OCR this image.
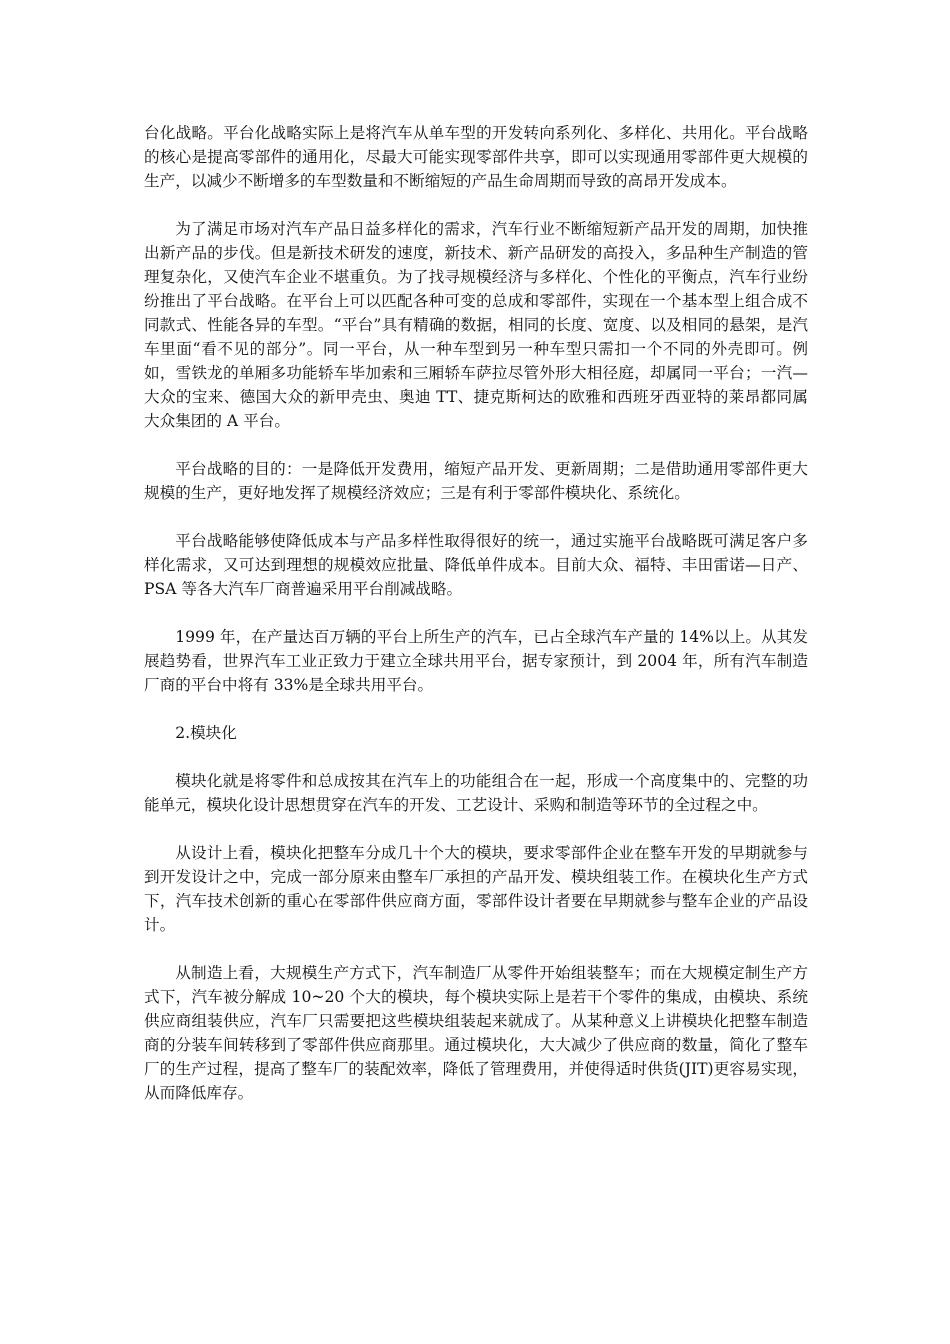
台化战略。平台化战略实际上是将汽车从单车型的开发转向系列化、多样化、共用化。平台战略的核心是提高零部件的通用化，尽最大可能实现零部件共享，即可以实现通用零部件更大规模的生产，以减少不断增多的车型数量和不断缩短的产品生命周期而导致的高昂开发成本。

为了满足市场对汽车产品日益多样化的需求，汽车行业不断缩短新产品开发的周期，加快推出新产品的步伐。但是新技术研发的速度，新技术、新产品研发的高投入，多品种生产制造的管理复杂化，又使汽车企业不堪重负。为了找寻规模经济与多样化、个性化的平衡点，汽车行业纷纷推出了平台战略。在平台上可以匹配各种可变的总成和零部件，实现在一个基本型上组合成不同款式、性能各异的车型。“平台”具有精确的数据，相同的长度、宽度、以及相同的悬架，是汽车里面“看不见的部分”。同一平台，从一种车型到另一种车型只需扣一个不同的外壳即可。例如，雪铁龙的单厢多功能轿车毕加索和三厢轿车萨拉尽管外形大相径庭，却属同一平台；一汽—大众的宝来、德国大众的新甲壳虫、奥迪 TT、捷克斯柯达的欧雅和西班牙西亚特的莱昂都同属大众集团的 A 平台。

平台战略的目的：一是降低开发费用，缩短产品开发、更新周期；二是借助通用零部件更大规模的生产，更好地发挥了规模经济效应；三是有利于零部件模块化、系统化。

平台战略能够使降低成本与产品多样性取得很好的统一，通过实施平台战略既可满足客户多样化需求，又可达到理想的规模效应批量、降低单件成本。目前大众、福特、丰田雷诺—日产、PSA 等各大汽车厂商普遍采用平台削减战略。

1999 年，在产量达百万辆的平台上所生产的汽车，已占全球汽车产量的 14%以上。从其发展趋势看，世界汽车工业正致力于建立全球共用平台，据专家预计，到 2004 年，所有汽车制造厂商的平台中将有 33%是全球共用平台。

2.模块化

模块化就是将零件和总成按其在汽车上的功能组合在一起，形成一个高度集中的、完整的功能单元，模块化设计思想贯穿在汽车的开发、工艺设计、采购和制造等环节的全过程之中。

从设计上看，模块化把整车分成几十个大的模块，要求零部件企业在整车开发的早期就参与到开发设计之中，完成一部分原来由整车厂承担的产品开发、模块组装工作。在模块化生产方式下，汽车技术创新的重心在零部件供应商方面，零部件设计者要在早期就参与整车企业的产品设计。

从制造上看，大规模生产方式下，汽车制造厂从零件开始组装整车；而在大规模定制生产方式下，汽车被分解成 10~20 个大的模块，每个模块实际上是若干个零件的集成，由模块、系统供应商组装供应，汽车厂只需要把这些模块组装起来就成了。从某种意义上讲模块化把整车制造商的分装车间转移到了零部件供应商那里。通过模块化，大大减少了供应商的数量，简化了整车厂的生产过程，提高了整车厂的装配效率，降低了管理费用，并使得适时供货(JIT)更容易实现，从而降低库存。
